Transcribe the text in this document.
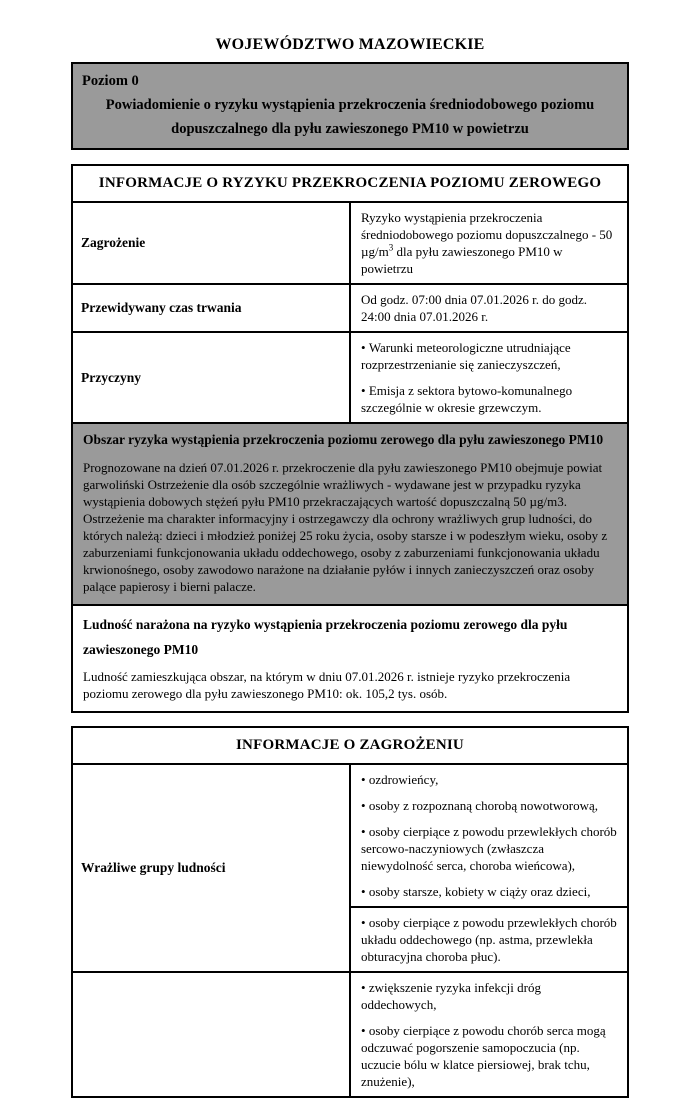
WOJEWÓDZTWO MAZOWIECKIE
Poziom 0
Powiadomienie o ryzyku wystąpienia przekroczenia średniodobowego poziomu dopuszczalnego dla pyłu zawieszonego PM10 w powietrzu
INFORMACJE O RYZYKU PRZEKROCZENIA POZIOMU ZEROWEGO	
Zagrożenie	Ryzyko wystąpienia przekroczenia średniodobowego poziomu dopuszczalnego - 50 $\mu g/m^3$ dla pyłu zawieszonego PM10 w powietrzu
Przewidywany czas trwania	Od godz. 07:00 dnia 07.01.2026 r. do godz. 24:00 dnia 07.01.2026 r.
Przyczyny	• Warunki meteorologiczne utrudniające rozprzestrzenianie się zanieczyszczeń,

• Emisja z sektora bytowo-komunalnego szczególnie w okresie grzewczym.

Obszar ryzyka wystąpienia przekroczenia poziomu zerowego dla pyłu zawieszonego PM10

Prognozowane na dzień 07.01.2026 r. przekroczenie dla pyłu zawieszonego PM10 obejmuje powiat garwoliński Ostrzeżenie dla osób szczególnie wrażliwych - wydawane jest w przypadku ryzyka wystąpienia dobowych stężeń pyłu PM10 przekraczających wartość dopuszczalną 50 µg/m3. Ostrzeżenie ma charakter informacyjny i ostrzegawczy dla ochrony wrażliwych grup ludności, do których należą: dzieci i młodzież poniżej 25 roku życia, osoby starsze i w podeszłym wieku, osoby z zaburzeniami funkcjonowania układu oddechowego, osoby z zaburzeniami funkcjonowania układu krwionośnego, osoby zawodowo narażone na działanie pyłów i innych zanieczyszczeń oraz osoby palące papierosy i bierni palacze.	

Ludność narażona na ryzyko wystąpienia przekroczenia poziomu zerowego dla pyłu zawieszonego PM10

Ludność zamieszkująca obszar, na którym w dniu 07.01.2026 r. istnieje ryzyko przekroczenia poziomu zerowego dla pyłu zawieszonego PM10: ok. 105,2 tys. osób.	

INFORMACJE O ZAGROŻENIU	
Wrażliwe grupy ludności	• ozdrowieńcy,

• osoby z rozpoznaną chorobą nowotworową,

• osoby cierpiące z powodu przewlekłych chorób sercowo-naczyniowych (zwłaszcza niewydolność serca, choroba wieńcowa),

• osoby starsze, kobiety w ciąży oraz dzieci,

	• osoby cierpiące z powodu przewlekłych chorób układu oddechowego (np. astma, przewlekła obturacyjna choroba płuc).

	• zwiększenie ryzyka infekcji dróg oddechowych,

• osoby cierpiące z powodu chorób serca mogą odczuwać pogorszenie samopoczucia (np. uczucie bólu w klatce piersiowej, brak tchu, znużenie),
